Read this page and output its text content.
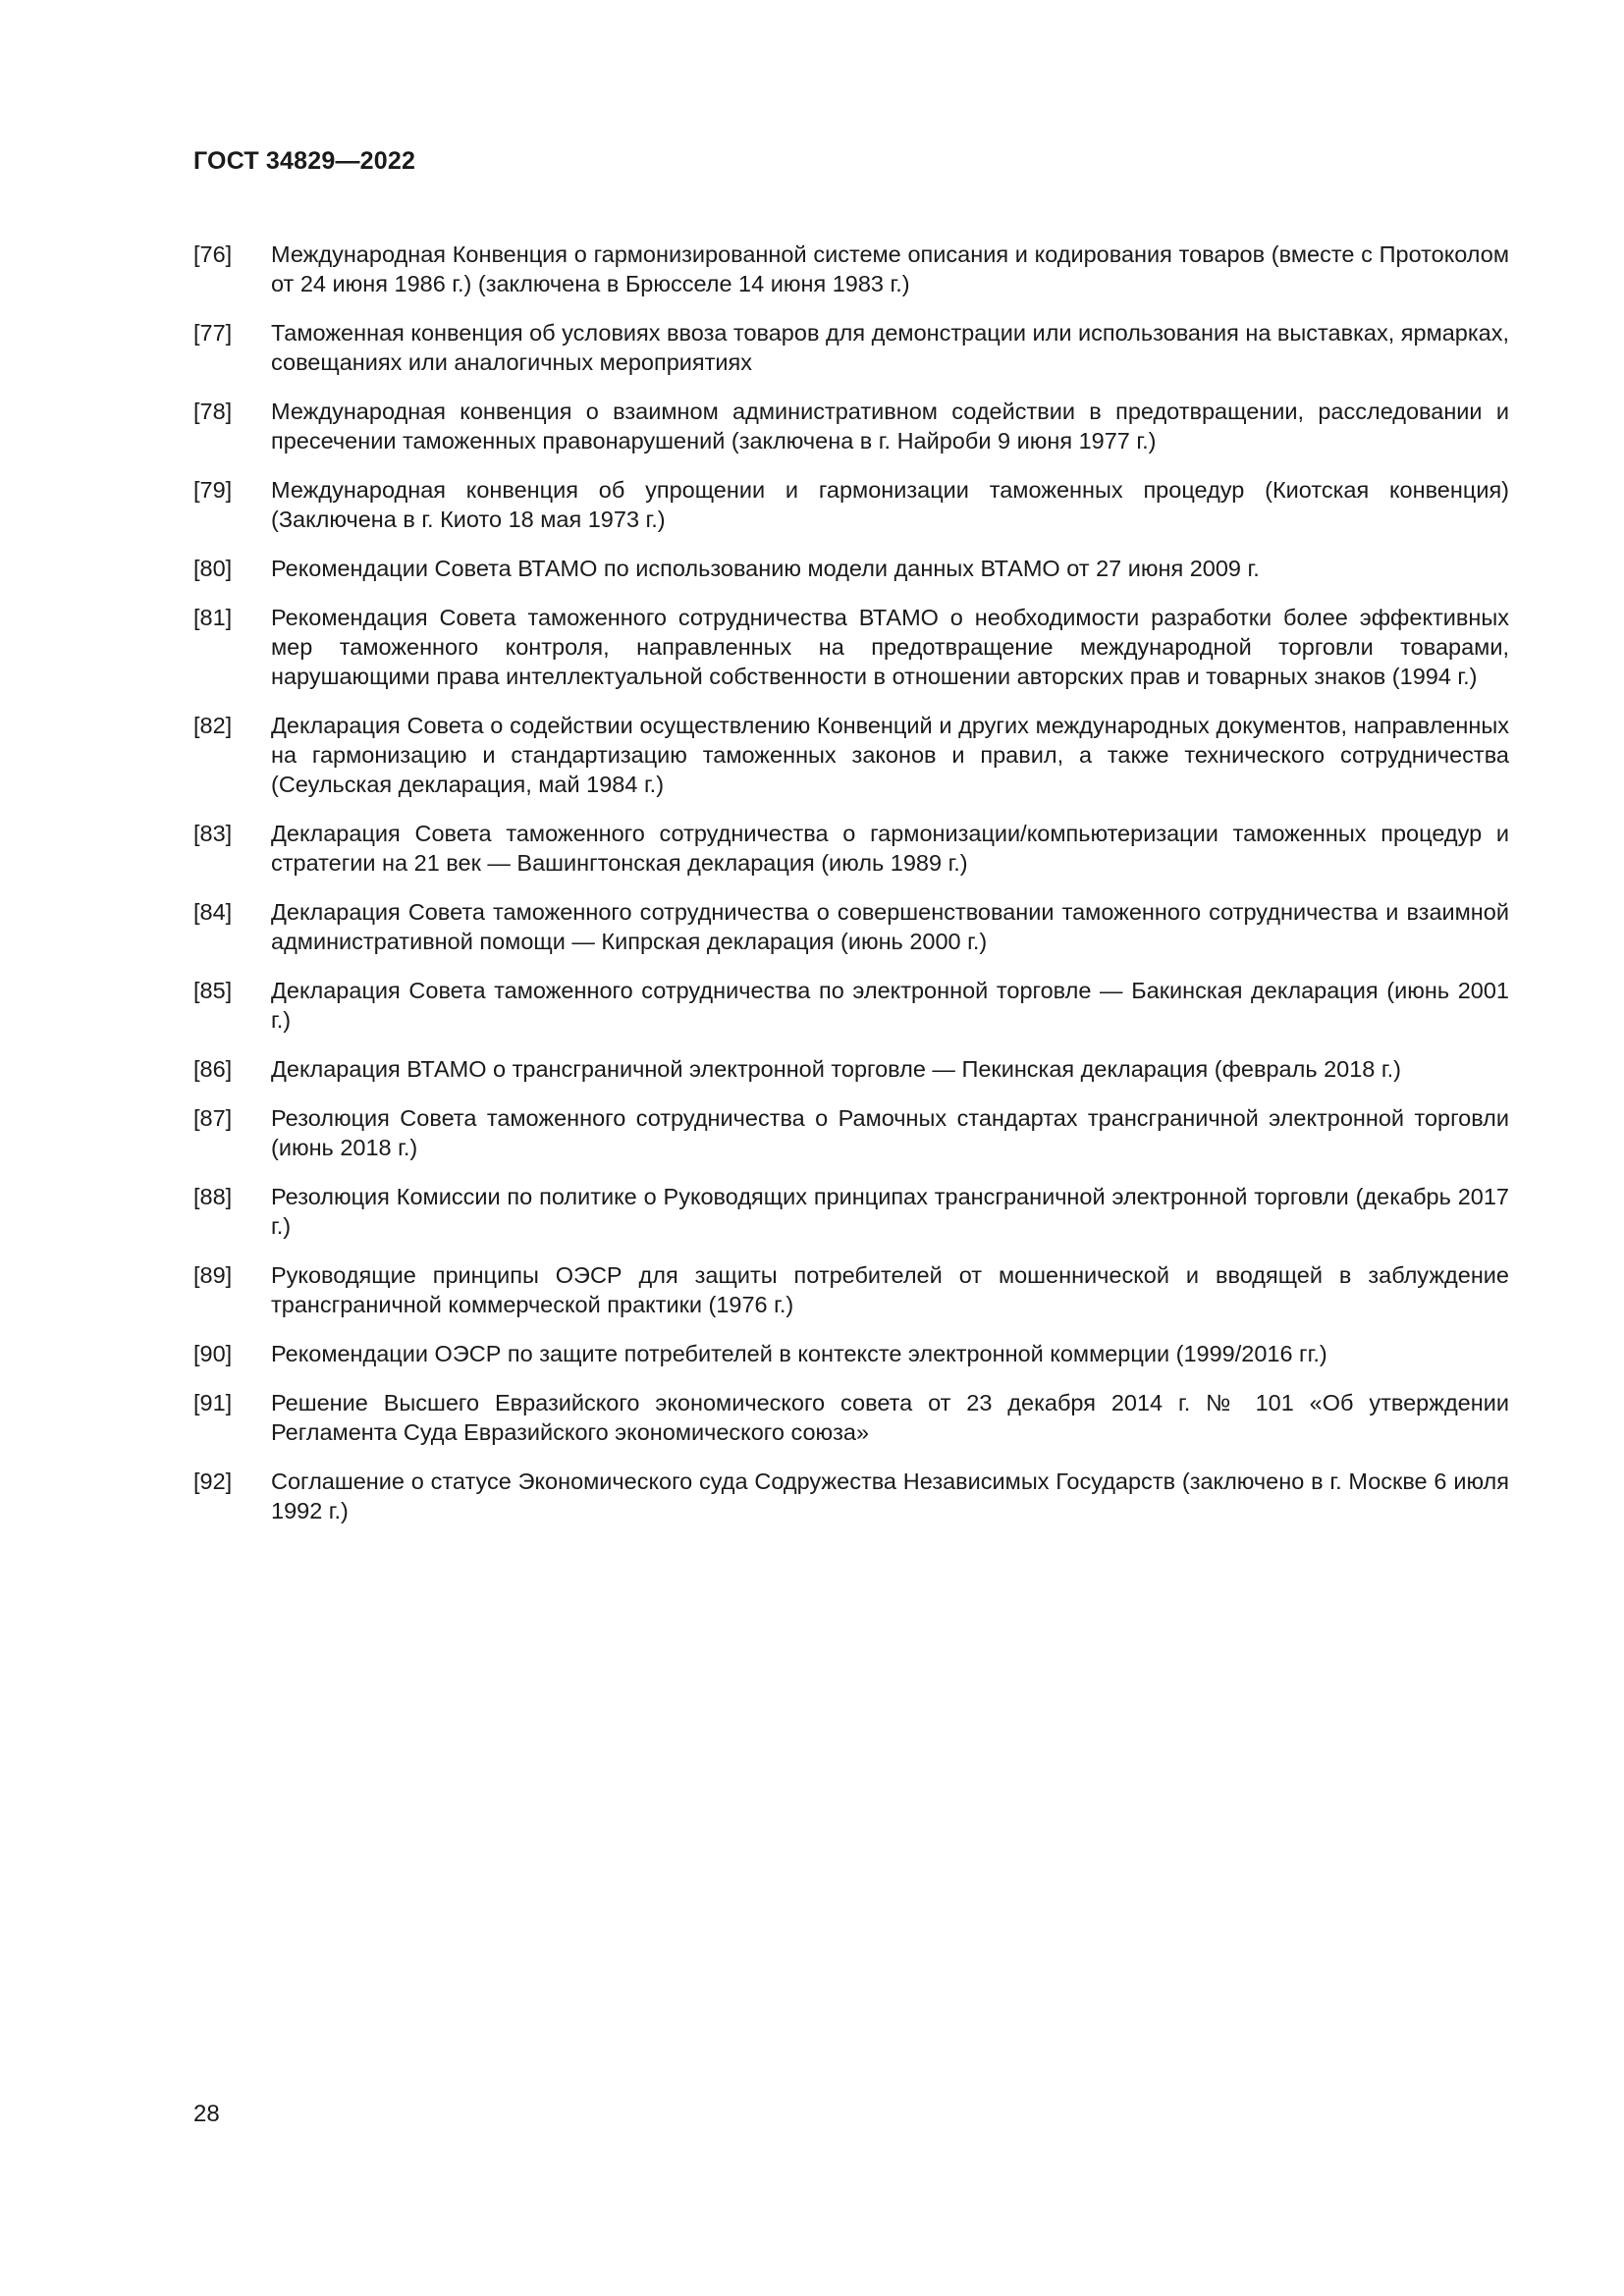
ГОСТ 34829—2022
[76]	Международная Конвенция о гармонизированной системе описания и кодирования товаров (вместе с Протоколом от 24 июня 1986 г.) (заключена в Брюсселе 14 июня 1983 г.)
[77]	Таможенная конвенция об условиях ввоза товаров для демонстрации или использования на выставках, ярмарках, совещаниях или аналогичных мероприятиях
[78]	Международная конвенция о взаимном административном содействии в предотвращении, расследовании и пресечении таможенных правонарушений (заключена в г. Найроби 9 июня 1977 г.)
[79]	Международная конвенция об упрощении и гармонизации таможенных процедур (Киотская конвенция) (Заключена в г. Киото 18 мая 1973 г.)
[80]	Рекомендации Совета ВТАМО по использованию модели данных ВТАМО от 27 июня 2009 г.
[81]	Рекомендация Совета таможенного сотрудничества ВТАМО о необходимости разработки более эффективных мер таможенного контроля, направленных на предотвращение международной торговли товарами, нарушающими права интеллектуальной собственности в отношении авторских прав и товарных знаков (1994 г.)
[82]	Декларация Совета о содействии осуществлению Конвенций и других международных документов, направленных на гармонизацию и стандартизацию таможенных законов и правил, а также технического сотрудничества (Сеульская декларация, май 1984 г.)
[83]	Декларация Совета таможенного сотрудничества о гармонизации/компьютеризации таможенных процедур и стратегии на 21 век — Вашингтонская декларация (июль 1989 г.)
[84]	Декларация Совета таможенного сотрудничества о совершенствовании таможенного сотрудничества и взаимной административной помощи — Кипрская декларация (июнь 2000 г.)
[85]	Декларация Совета таможенного сотрудничества по электронной торговле — Бакинская декларация (июнь 2001 г.)
[86]	Декларация ВТАМО о трансграничной электронной торговле — Пекинская декларация (февраль 2018 г.)
[87]	Резолюция Совета таможенного сотрудничества о Рамочных стандартах трансграничной электронной торговли (июнь 2018 г.)
[88]	Резолюция Комиссии по политике о Руководящих принципах трансграничной электронной торговли (декабрь 2017 г.)
[89]	Руководящие принципы ОЭСР для защиты потребителей от мошеннической и вводящей в заблуждение трансграничной коммерческой практики (1976 г.)
[90]	Рекомендации ОЭСР по защите потребителей в контексте электронной коммерции (1999/2016 гг.)
[91]	Решение Высшего Евразийского экономического совета от 23 декабря 2014 г. № 101 «Об утверждении Регламента Суда Евразийского экономического союза»
[92]	Соглашение о статусе Экономического суда Содружества Независимых Государств (заключено в г. Москве 6 июля 1992 г.)
28
